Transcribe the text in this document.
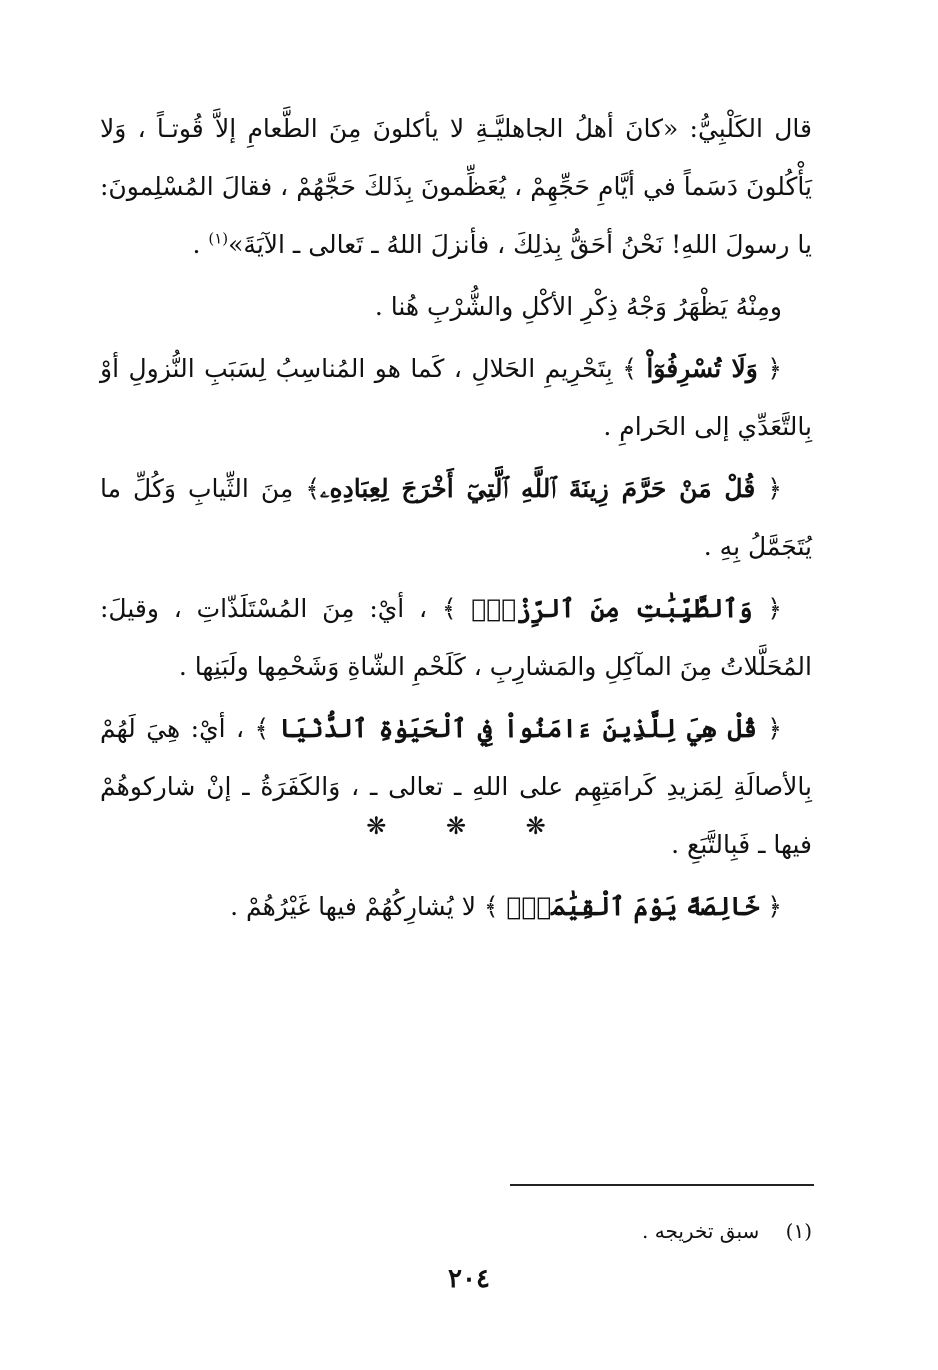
قال الكَلْبِيُّ: «كانَ أهلُ الجاهليَّـةِ لا يأكلونَ مِنَ الطَّعامِ إلاَّ قُوتـاً ، وَلا يَأْكُلونَ دَسَماً في أيَّامِ حَجِّهِمْ ، يُعَظِّمونَ بِذَلكَ حَجَّهُمْ ، فقالَ المُسْلِمونَ: يا رسولَ اللهِ! نَحْنُ أحَقُّ بِذلِكَ ، فأنزلَ اللهُ ـ تَعالى ـ الآيَةَ»$^{(١)}$ .

ومِنْهُ يَظْهَرُ وَجْهُ ذِكْرِ الأكْلِ والشُّرْبِ هُنا .

﴿ وَلَا تُسْرِفُوٓاْ ﴾ بِتَحْرِيمِ الحَلالِ ، كَما هو المُناسِبُ لِسَبَبِ النُّزولِ أوْ بِالتَّعَدِّي إلى الحَرامِ .

﴿ قُلْ مَنْ حَرَّمَ زِينَةَ ٱللَّهِ ٱلَّتِيٓ أَخْرَجَ لِعِبَادِهِۦ﴾ مِنَ الثِّيابِ وَكُلِّ ما يُتَجَمَّلُ بِهِ .

﴿ وَٱلطَّيِّبَٰتِ مِنَ ٱلرِّزْقِۚ ﴾ ، أيْ: مِنَ المُسْتَلَذّاتِ ، وقيلَ: المُحَلَّلاتُ مِنَ المآكِلِ والمَشارِبِ ، كَلَحْمِ الشّاةِ وَشَحْمِها ولَبَنِها .

﴿ قُلْ هِيَ لِلَّذِينَ ءَامَنُواْ فِي ٱلْحَيَوٰةِ ٱلدُّنْيَا ﴾ ، أيْ: هِيَ لَهُمْ بِالأصالَةِ لِمَزيدِ كَرامَتِهِم على اللهِ ـ تعالى ـ ، وَالكَفَرَةُ ـ إنْ شاركوهُمْ فيها ـ فَبِالتَّبَعِ .

﴿ خَالِصَةً يَوْمَ ٱلْقِيَٰمَةِۗ ﴾ لا يُشارِكُهُمْ فيها غَيْرُهُمْ .

❋ ❋ ❋
(١) سبق تخريجه .
٢٠٤
